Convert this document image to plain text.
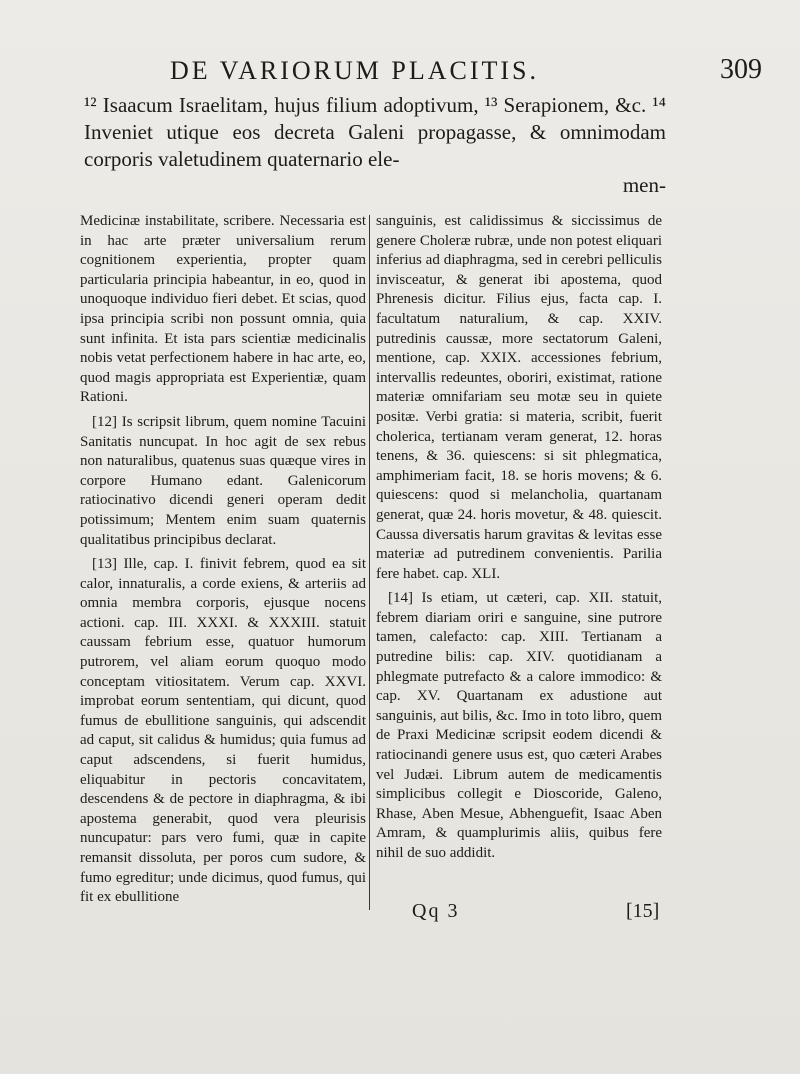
DE VARIORUM PLACITIS.	309
¹² Isaacum Israelitam, hujus filium adoptivum, ¹³ Serapionem, &c. ¹⁴ Inveniet utique eos decreta Galeni propagasse, & omnimodam corporis valetudinem quaternario ele-
men-

Medicinæ instabilitate, scribere. Necessaria est in hac arte præter universalium rerum cognitionem experientia, propter quam particularia principia habeantur, in eo, quod in unoquoque individuo fieri debet. Et scias, quod ipsa principia scribi non possunt omnia, quia sunt infinita. Et ista pars scientiæ medicinalis nobis vetat perfectionem habere in hac arte, eo, quod magis appropriata est Experientiæ, quam Rationi.

[12] Is scripsit librum, quem nomine Tacuini Sanitatis nuncupat. In hoc agit de sex rebus non naturalibus, quatenus suas quæque vires in corpore Humano edant. Galenicorum ratiocinativo dicendi generi operam dedit potissimum; Mentem enim suam quaternis qualitatibus principibus declarat.

[13] Ille, cap. I. finivit febrem, quod ea sit calor, innaturalis, a corde exiens, & arteriis ad omnia membra corporis, ejusque nocens actioni. cap. III. XXXI. & XXXIII. statuit caussam febrium esse, quatuor humorum putrorem, vel aliam eorum quoquo modo conceptam vitiositatem. Verum cap. XXVI. improbat eorum sententiam, qui dicunt, quod fumus de ebullitione sanguinis, qui adscendit ad caput, sit calidus & humidus; quia fumus ad caput adscendens, si fuerit humidus, eliquabitur in pectoris concavitatem, descendens & de pectore in diaphragma, & ibi apostema generabit, quod vera pleurisis nuncupatur: pars vero fumi, quæ in capite remansit dissoluta, per poros cum sudore, & fumo egreditur; unde dicimus, quod fumus, qui fit ex ebullitione

sanguinis, est calidissimus & siccissimus de genere Choleræ rubræ, unde non potest eliquari inferius ad diaphragma, sed in cerebri pelliculis invisceatur, & generat ibi apostema, quod Phrenesis dicitur. Filius ejus, facta cap. I. facultatum naturalium, & cap. XXIV. putredinis caussæ, more sectatorum Galeni, mentione, cap. XXIX. accessiones febrium, intervallis redeuntes, oboriri, existimat, ratione materiæ omnifariam seu motæ seu in quiete positæ. Verbi gratia: si materia, scribit, fuerit cholerica, tertianam veram generat, 12. horas tenens, & 36. quiescens: si sit phlegmatica, amphimeriam facit, 18. se horis movens; & 6. quiescens: quod si melancholia, quartanam generat, quæ 24. horis movetur, & 48. quiescit. Caussa diversatis harum gravitas & levitas esse materiæ ad putredinem convenientis. Parilia fere habet. cap. XLI.

[14] Is etiam, ut cæteri, cap. XII. statuit, febrem diariam oriri e sanguine, sine putrore tamen, calefacto: cap. XIII. Tertianam a putredine bilis: cap. XIV. quotidianam a phlegmate putrefacto & a calore immodico: & cap. XV. Quartanam ex adustione aut sanguinis, aut bilis, &c. Imo in toto libro, quem de Praxi Medicinæ scripsit eodem dicendi & ratiocinandi genere usus est, quo cæteri Arabes vel Judæi. Librum autem de medicamentis simplicibus collegit e Dioscoride, Galeno, Rhase, Aben Mesue, Abhenguefit, Isaac Aben Amram, & quamplurimis aliis, quibus fere nihil de suo addidit.

Qq 3	[15]
